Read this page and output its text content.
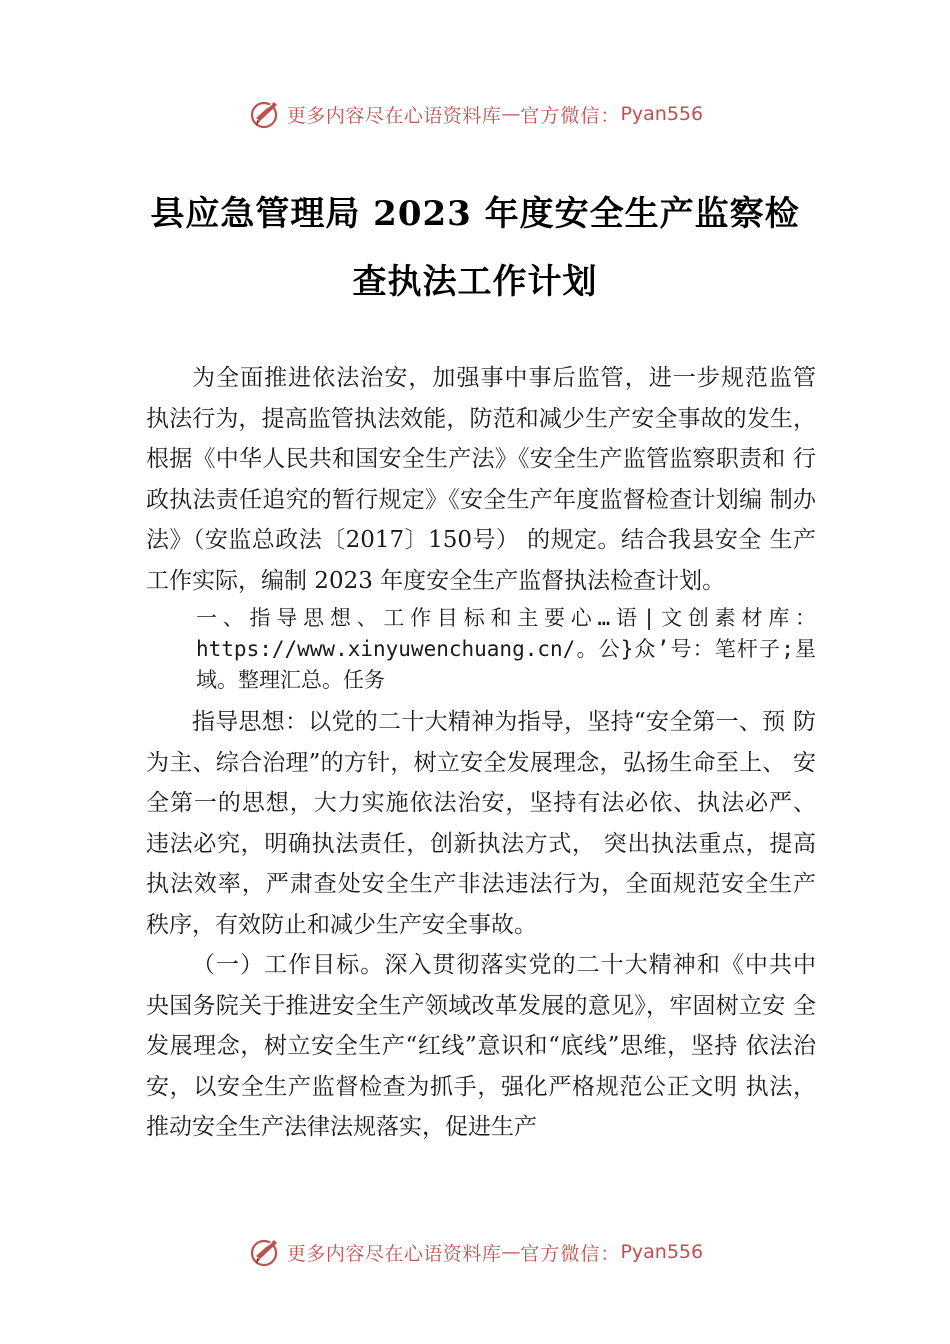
更多内容尽在心语资料库 — 官方微信： Pyan556
县应急管理局 2023 年度安全生产监察检
查执法工作计划

为全面推进依法治安，加强事中事后监管，进一步规范监管 执法行为，提高监管执法效能，防范和减少生产安全事故的发生， 根据《中华人民共和国安全生产法》《安全生产监管监察职责和 行政执法责任追究的暂行规定》《安全生产年度监督检查计划编 制办法》（安监总政法〔2017〕150号） 的规定。结合我县安全 生产工作实际，编制 2023 年度安全生产监督执法检查计划。

一、指导思想、工作目标和主要心…语|文创素材库：https://www.xinyuwenchuang.cn/。公}众’号：笔杆子;星域。整理汇总。任务

指导思想：以党的二十大精神为指导，坚持“安全第一、预 防为主、综合治理”的方针，树立安全发展理念，弘扬生命至上、 安全第一的思想，大力实施依法治安，坚持有法必依、执法必严、 违法必究，明确执法责任，创新执法方式， 突出执法重点，提高 执法效率，严肃查处安全生产非法违法行为，全面规范安全生产 秩序，有效防止和减少生产安全事故。

（一）工作目标。深入贯彻落实党的二十大精神和《中共中 央国务院关于推进安全生产领域改革发展的意见》，牢固树立安 全发展理念，树立安全生产“红线”意识和“底线”思维，坚持 依法治安，以安全生产监督检查为抓手，强化严格规范公正文明 执法，推动安全生产法律法规落实，促进生产

更多内容尽在心语资料库 — 官方微信： Pyan556
